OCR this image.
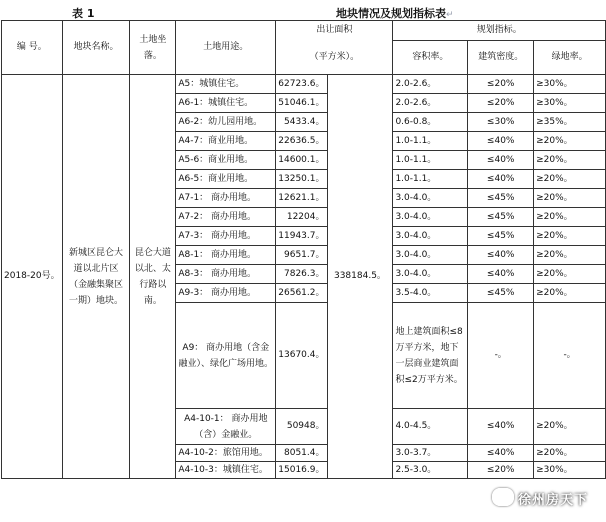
表 1	地块情况及规划指标表↵
编 号。	地块名称。	土地坐落。	土地用途。	出让面积		规划指标。		
				（平方米）。		容积率。	建筑密度。	绿地率。
2018-20号。	新城区昆仑大道以北片区（金融集聚区一期）地块。	昆仑大道以北、太行路以南。	A5：城镇住宅。	62723.6。	338184.5。	2.0-2.6。	≤20%	≥30%。
			A6-1：城镇住宅。	51046.1。		2.0-2.6。	≤20%	≥30%。
			A6-2：幼儿园用地。	5433.4。		0.6-0.8。	≤30%	≥35%。
			A4-7：商业用地。	22636.5。		1.0-1.1。	≤40%	≥20%。
			A5-6：商业用地。	14600.1。		1.0-1.1。	≤40%	≥20%。
			A6-5：商业用地。	13250.1。		1.0-1.1。	≤40%	≥20%。
			A7-1： 商办用地。	12621.1。		3.0-4.0。	≤45%	≥20%。
			A7-2： 商办用地。	12204。		3.0-4.0。	≤45%	≥20%。
			A7-3： 商办用地。	11943.7。		3.0-4.0。	≤45%	≥20%。
			A8-1： 商办用地。	9651.7。		3.0-4.0。	≤40%	≥20%。
			A8-3： 商办用地。	7826.3。		3.0-4.0。	≤40%	≥20%。
			A9-3： 商办用地。	26561.2。		3.5-4.0。	≤45%	≥20%。
			A9： 商办用地（含金融业）、绿化广场用地。	13670.4。		地上建筑面积≤8万平方米，地下一层商业建筑面积≤2万平方米。	-。	-。
			A4-10-1： 商办用地（含）金融业。	50948。		4.0-4.5。	≤40%	≥20%。
			A4-10-2：旅馆用地。	8051.4。		3.0-3.7。	≤40%	≥20%。
			A4-10-3：城镇住宅。	15016.9。		2.5-3.0。	≤20%	≥30%。
徐州房天下
